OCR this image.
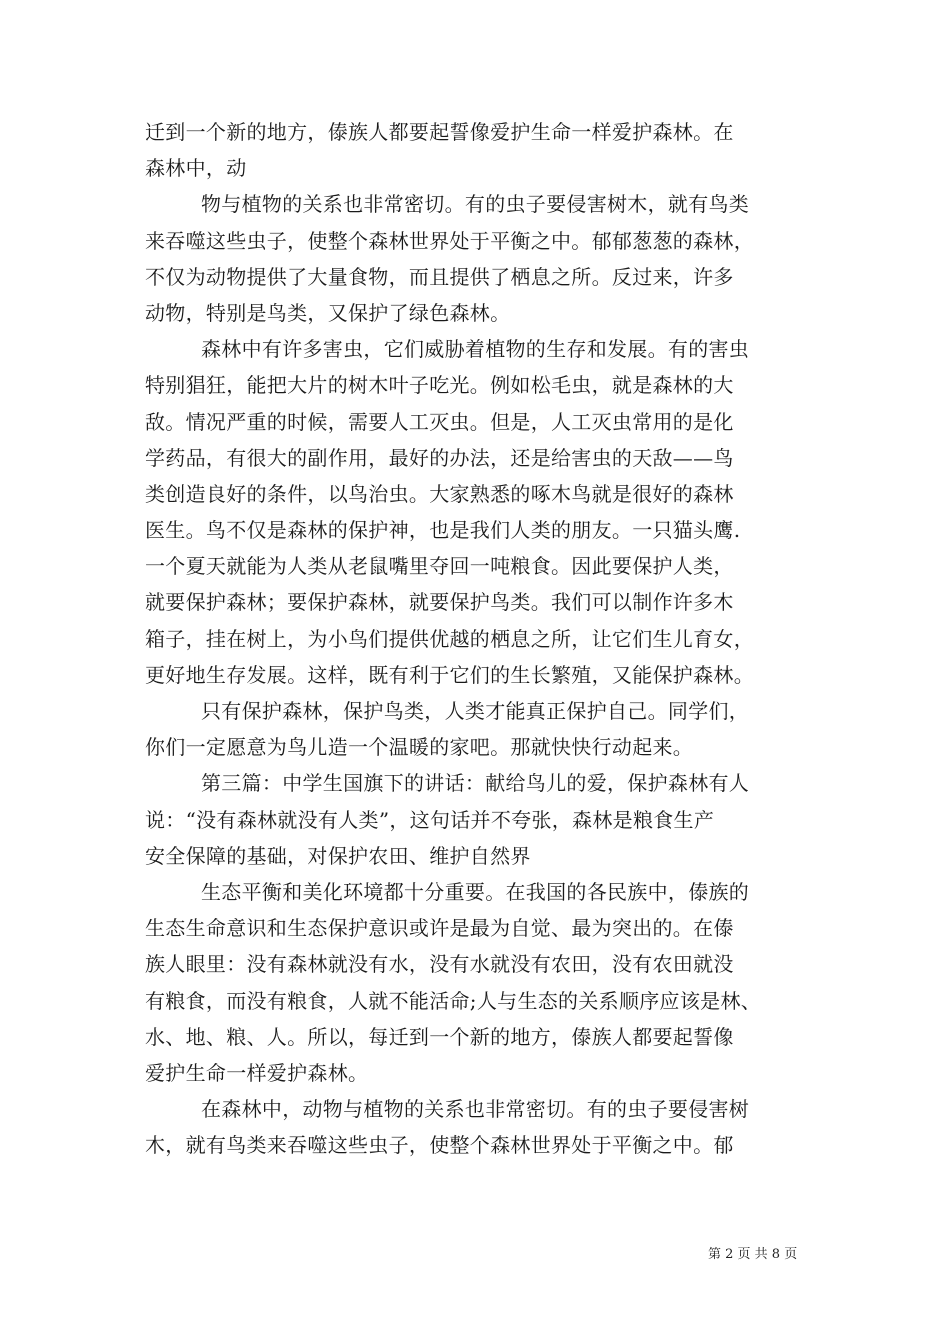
迁到一个新的地方，傣族人都要起誓像爱护生命一样爱护森林。在
森林中，动
物与植物的关系也非常密切。有的虫子要侵害树木，就有鸟类
来吞噬这些虫子，使整个森林世界处于平衡之中。郁郁葱葱的森林，
不仅为动物提供了大量食物，而且提供了栖息之所。反过来，许多
动物，特别是鸟类，又保护了绿色森林。
森林中有许多害虫，它们威胁着植物的生存和发展。有的害虫
特别猖狂，能把大片的树木叶子吃光。例如松毛虫，就是森林的大
敌。情况严重的时候，需要人工灭虫。但是，人工灭虫常用的是化
学药品，有很大的副作用，最好的办法，还是给害虫的天敌——鸟
类创造良好的条件，以鸟治虫。大家熟悉的啄木鸟就是很好的森林
医生。鸟不仅是森林的保护神，也是我们人类的朋友。一只猫头鹰.
一个夏天就能为人类从老鼠嘴里夺回一吨粮食。因此要保护人类，
就要保护森林；要保护森林，就要保护鸟类。我们可以制作许多木
箱子，挂在树上，为小鸟们提供优越的栖息之所，让它们生儿育女，
更好地生存发展。这样，既有利于它们的生长繁殖，又能保护森林。
只有保护森林，保护鸟类，人类才能真正保护自己。同学们，
你们一定愿意为鸟儿造一个温暖的家吧。那就快快行动起来。
第三篇：中学生国旗下的讲话：献给鸟儿的爱，保护森林有人
说：“没有森林就没有人类”，这句话并不夸张，森林是粮食生产
安全保障的基础，对保护农田、维护自然界
生态平衡和美化环境都十分重要。在我国的各民族中，傣族的
生态生命意识和生态保护意识或许是最为自觉、最为突出的。在傣
族人眼里：没有森林就没有水，没有水就没有农田，没有农田就没
有粮食，而没有粮食，人就不能活命;人与生态的关系顺序应该是林、
水、地、粮、人。所以，每迁到一个新的地方，傣族人都要起誓像
爱护生命一样爱护森林。
在森林中，动物与植物的关系也非常密切。有的虫子要侵害树
木，就有鸟类来吞噬这些虫子，使整个森林世界处于平衡之中。郁
第 2 页 共 8 页
